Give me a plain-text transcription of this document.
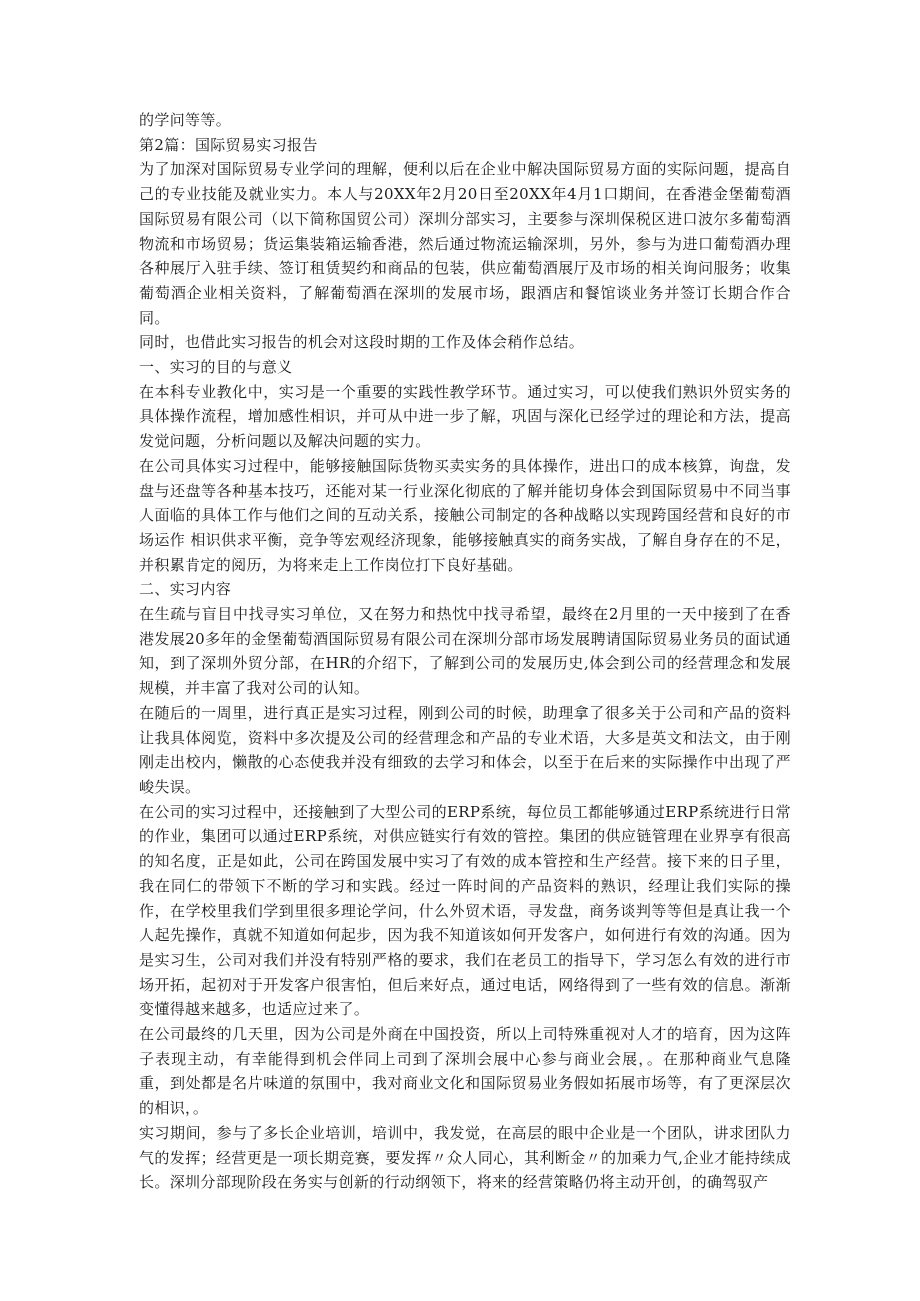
的学问等等。

第2篇：国际贸易实习报告

为了加深对国际贸易专业学问的理解，便利以后在企业中解决国际贸易方面的实际问题，提高自己的专业技能及就业实力。本人与20XX年2月20日至20XX年4月1口期间，在香港金堡葡萄酒国际贸易有限公司（以下简称国贸公司）深圳分部实习，主要参与深圳保税区进口波尔多葡萄酒物流和市场贸易；货运集装箱运输香港，然后通过物流运输深圳，另外，参与为进口葡萄酒办理各种展厅入驻手续、签订租赁契约和商品的包装，供应葡萄酒展厅及市场的相关询问服务；收集葡萄酒企业相关资料，了解葡萄酒在深圳的发展市场，跟酒店和餐馆谈业务并签订长期合作合同。

同时，也借此实习报告的机会对这段时期的工作及体会稍作总结。

一、实习的目的与意义

在本科专业教化中，实习是一个重要的实践性教学环节。通过实习，可以使我们熟识外贸实务的具体操作流程，增加感性相识，并可从中进一步了解，巩固与深化已经学过的理论和方法，提高发觉问题，分析问题以及解决问题的实力。

在公司具体实习过程中，能够接触国际货物买卖实务的具体操作，进出口的成本核算，询盘，发盘与还盘等各种基本技巧，还能对某一行业深化彻底的了解并能切身体会到国际贸易中不同当事人面临的具体工作与他们之间的互动关系，接触公司制定的各种战略以实现跨国经营和良好的市场运作 相识供求平衡，竞争等宏观经济现象，能够接触真实的商务实战，了解自身存在的不足，并积累肯定的阅历，为将来走上工作岗位打下良好基础。

二、实习内容

在生疏与盲目中找寻实习单位，又在努力和热忱中找寻希望，最终在2月里的一天中接到了在香港发展20多年的金堡葡萄酒国际贸易有限公司在深圳分部市场发展聘请国际贸易业务员的面试通知，到了深圳外贸分部，在HR的介绍下，了解到公司的发展历史,体会到公司的经营理念和发展规模，并丰富了我对公司的认知。

在随后的一周里，进行真正是实习过程，刚到公司的时候，助理拿了很多关于公司和产品的资料让我具体阅览，资料中多次提及公司的经营理念和产品的专业术语，大多是英文和法文，由于刚刚走出校内，懒散的心态使我并没有细致的去学习和体会，以至于在后来的实际操作中出现了严峻失误。

在公司的实习过程中，还接触到了大型公司的ERP系统，每位员工都能够通过ERP系统进行日常的作业，集团可以通过ERP系统，对供应链实行有效的管控。集团的供应链管理在业界享有很高的知名度，正是如此，公司在跨国发展中实习了有效的成本管控和生产经营。接下来的日子里，我在同仁的带领下不断的学习和实践。经过一阵时间的产品资料的熟识，经理让我们实际的操作，在学校里我们学到里很多理论学问，什么外贸术语，寻发盘，商务谈判等等但是真让我一个人起先操作，真就不知道如何起步，因为我不知道该如何开发客户，如何进行有效的沟通。因为是实习生，公司对我们并没有特别严格的要求，我们在老员工的指导下，学习怎么有效的进行市场开拓，起初对于开发客户很害怕，但后来好点，通过电话，网络得到了一些有效的信息。渐渐变懂得越来越多，也适应过来了。

在公司最终的几天里，因为公司是外商在中国投资，所以上司特殊重视对人才的培育，因为这阵子表现主动，有幸能得到机会伴同上司到了深圳会展中心参与商业会展，。在那种商业气息隆重，到处都是名片味道的氛围中，我对商业文化和国际贸易业务假如拓展市场等，有了更深层次的相识，。

实习期间，参与了多长企业培训，培训中，我发觉，在高层的眼中企业是一个团队，讲求团队力气的发挥；经营更是一项长期竞赛，要发挥〃众人同心，其利断金〃的加乘力气,企业才能持续成长。深圳分部现阶段在务实与创新的行动纲领下，将来的经营策略仍将主动开创，的确驾驭产
